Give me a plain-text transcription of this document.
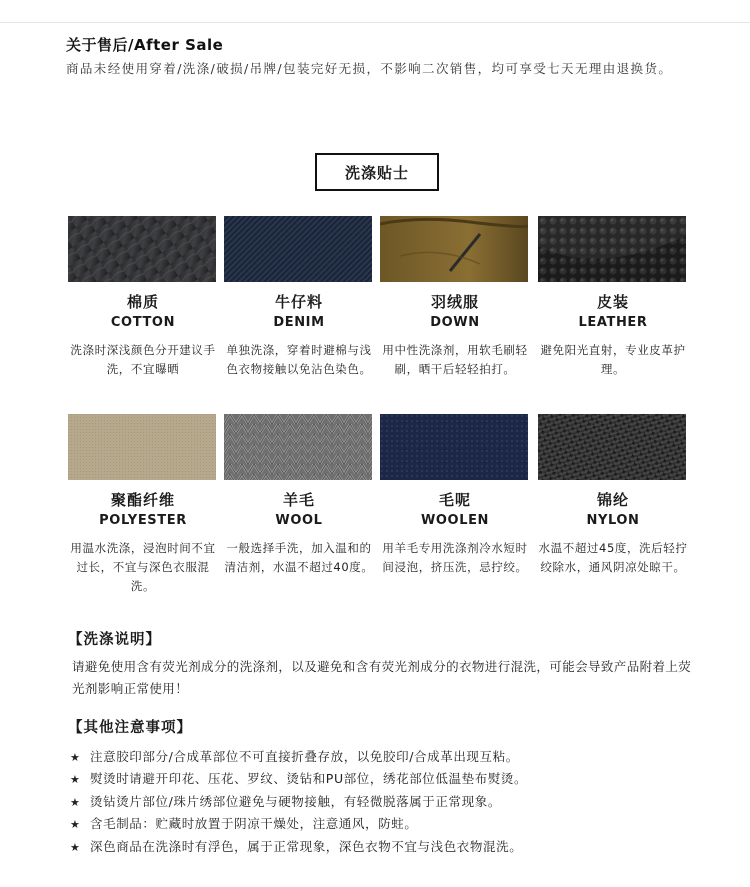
关于售后/After Sale
商品未经使用穿着/洗涤/破损/吊牌/包装完好无损，不影响二次销售，均可享受七天无理由退换货。
洗涤贴士
棉质
COTTON
洗涤时深浅颜色分开建议手洗，不宜曝晒
牛仔料
DENIM
单独洗涤，穿着时避棉与浅色衣物接触以免沾色染色。
羽绒服
DOWN
用中性洗涤剂，用软毛刷轻刷，晒干后轻轻拍打。
皮装
LEATHER
避免阳光直射，专业皮革护理。
聚酯纤维
POLYESTER
用温水洗涤，浸泡时间不宜过长，不宜与深色衣服混洗。
羊毛
WOOL
一般选择手洗，加入温和的清洁剂，水温不超过40度。
毛呢
WOOLEN
用羊毛专用洗涤剂冷水短时间浸泡，挤压洗，忌拧绞。
锦纶
NYLON
水温不超过45度，洗后轻拧绞除水，通风阴凉处晾干。
【洗涤说明】
请避免使用含有荧光剂成分的洗涤剂，以及避免和含有荧光剂成分的衣物进行混洗，可能会导致产品附着上荧光剂影响正常使用！
【其他注意事项】
★ 注意胶印部分/合成革部位不可直接折叠存放，以免胶印/合成革出现互粘。
★ 熨烫时请避开印花、压花、罗纹、烫钻和PU部位，绣花部位低温垫布熨烫。
★ 烫钻烫片部位/珠片绣部位避免与硬物接触，有轻微脱落属于正常现象。
★ 含毛制品：贮藏时放置于阴凉干燥处，注意通风，防蛀。
★ 深色商品在洗涤时有浮色，属于正常现象，深色衣物不宜与浅色衣物混洗。
